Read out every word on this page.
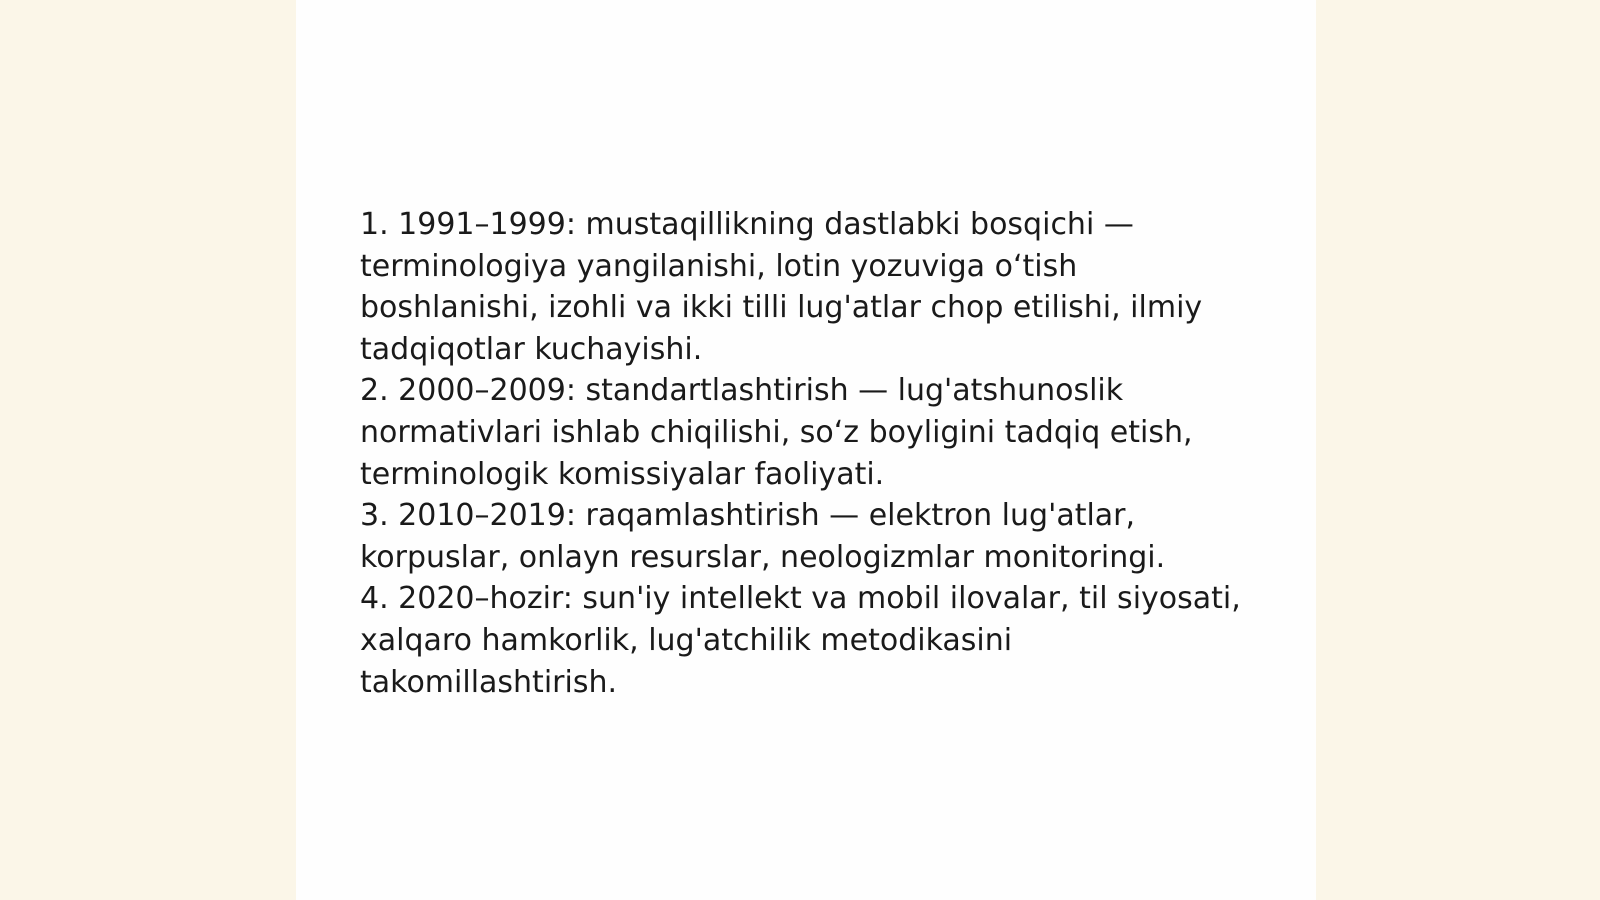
1. 1991–1999: mustaqillikning dastlabki bosqichi — terminologiya yangilanishi, lotin yozuviga o‘tish boshlanishi, izohli va ikki tilli lug'atlar chop etilishi, ilmiy tadqiqotlar kuchayishi.

2. 2000–2009: standartlashtirish — lug'atshunoslik normativlari ishlab chiqilishi, so‘z boyligini tadqiq etish, terminologik komissiyalar faoliyati.

3. 2010–2019: raqamlashtirish — elektron lug'atlar, korpuslar, onlayn resurslar, neologizmlar monitoringi.

4. 2020–hozir: sun'iy intellekt va mobil ilovalar, til siyosati, xalqaro hamkorlik, lug'atchilik metodikasini takomillashtirish.
